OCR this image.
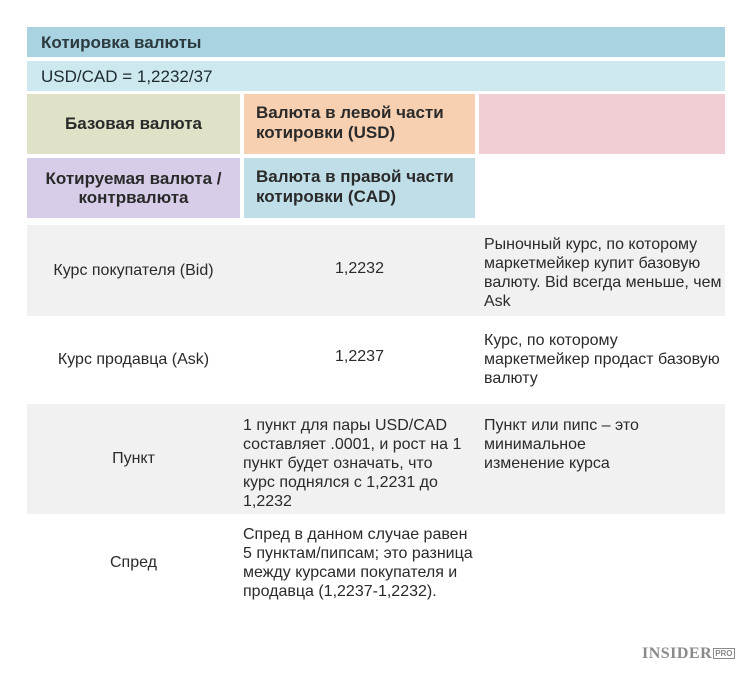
Котировка валюты
USD/CAD = 1,2232/37
Базовая валюта
Валюта в левой части котировки (USD)
Котируемая валюта / контрвалюта
Валюта в правой части котировки (CAD)
Курс покупателя (Bid)	1,2232
Рыночный курс, по которому маркетмейкер купит базовую валюту. Bid всегда меньше, чем Ask
Курс продавца (Ask)	1,2237
Курс, по которому маркетмейкер продаст базовую валюту
Пункт
1 пункт для пары USD/CAD составляет .0001, и рост на 1 пункт будет означать, что курс поднялся с 1,2231 до 1,2232
Пункт или пипс – это минимальное изменение курса
Спред
Спред в данном случае равен 5 пунктам/пипсам; это разница между курсами покупателя и продавца (1,2237-1,2232).
INSIDER PRO
